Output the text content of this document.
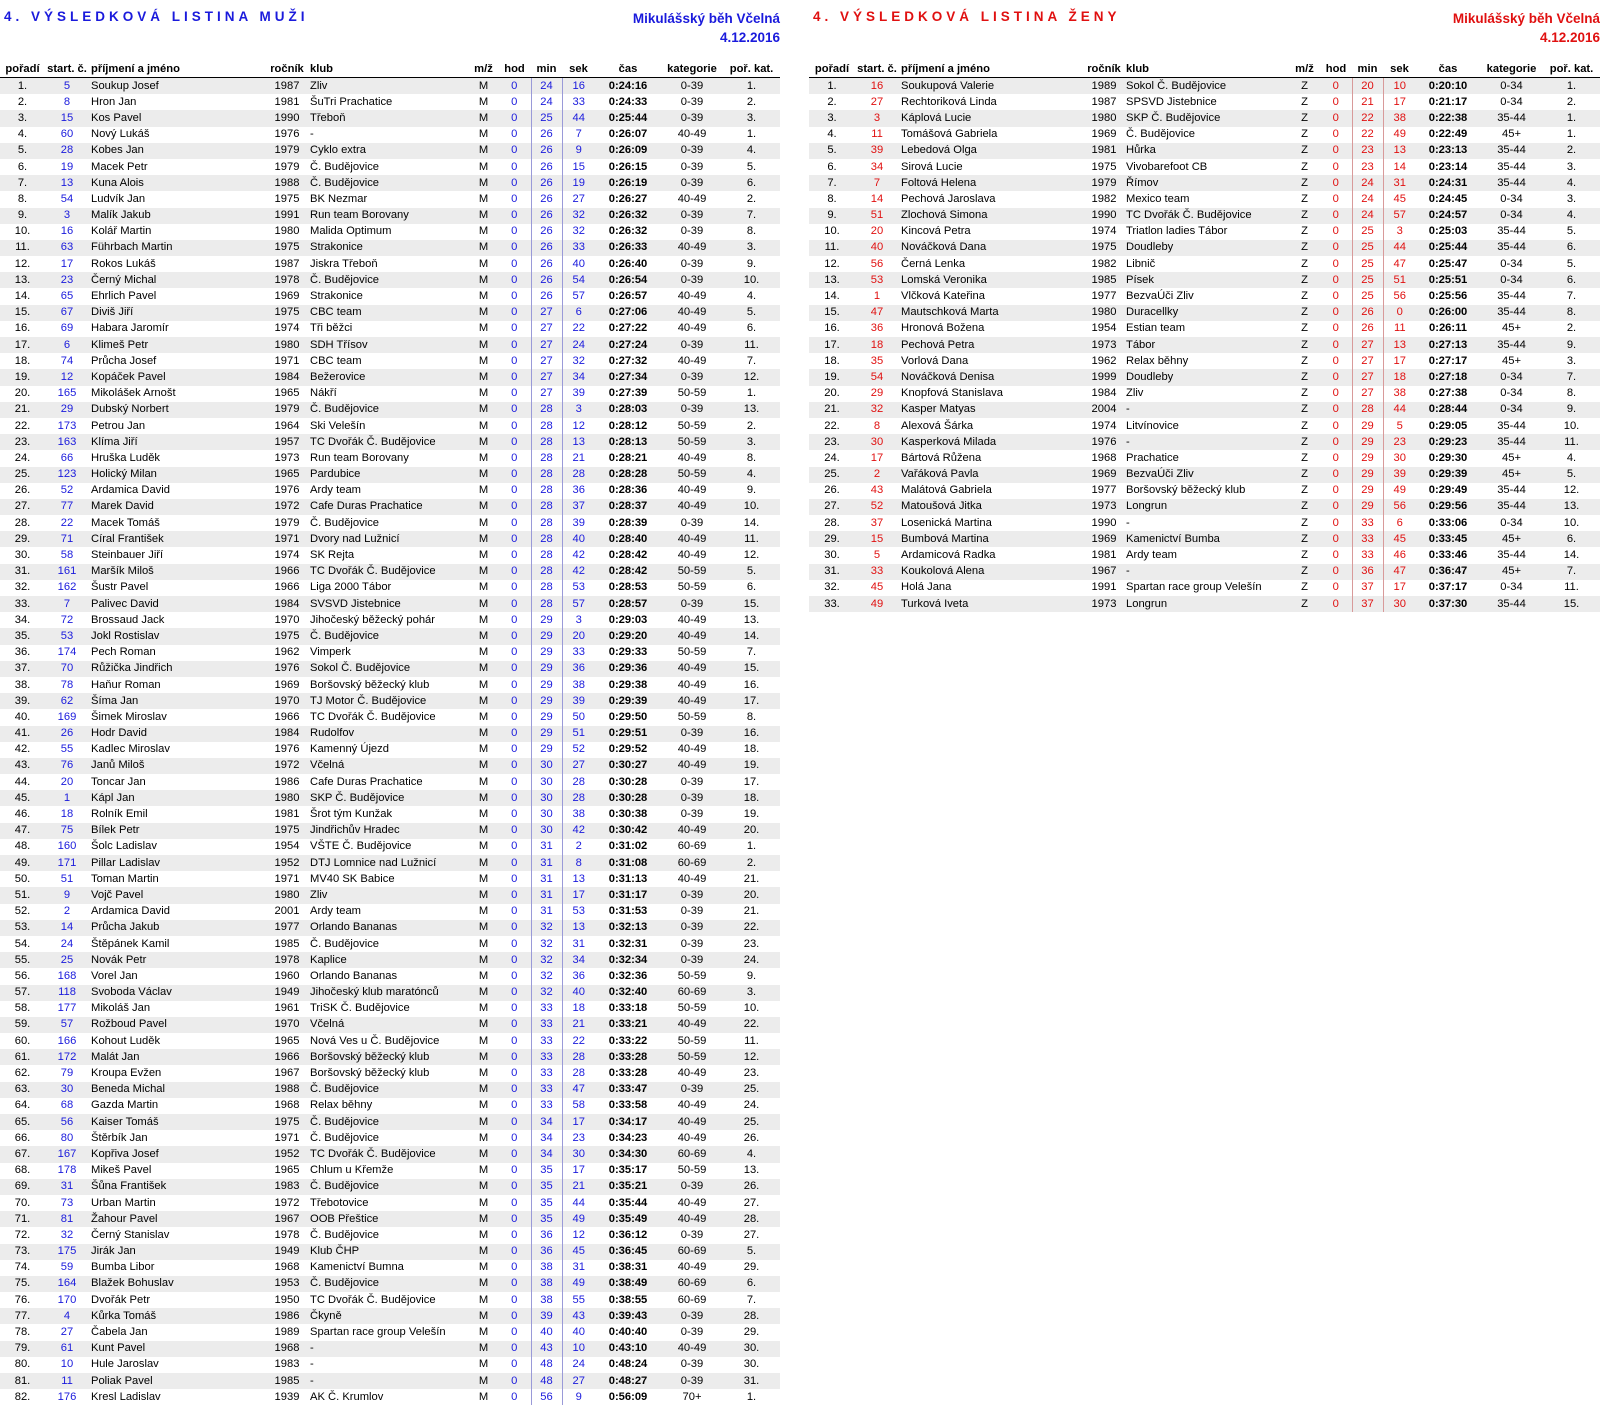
4. VÝSLEDKOVÁ LISTINA MUŽI	Mikulášský běh Včelná
4.12.2016
pořadí	start. č.	příjmení a jméno	ročník	klub	m/ž	hod	min	sek	čas	kategorie	poř. kat.
1.	5	Soukup Josef	1987	Zliv	M	0	24	16	0:24:16	0-39	1.
2.	8	Hron Jan	1981	ŠuTri Prachatice	M	0	24	33	0:24:33	0-39	2.
3.	15	Kos Pavel	1990	Třeboň	M	0	25	44	0:25:44	0-39	3.
4.	60	Nový Lukáš	1976	-	M	0	26	7	0:26:07	40-49	1.
5.	28	Kobes Jan	1979	Cyklo extra	M	0	26	9	0:26:09	0-39	4.
6.	19	Macek Petr	1979	Č. Budějovice	M	0	26	15	0:26:15	0-39	5.
7.	13	Kuna Alois	1988	Č. Budějovice	M	0	26	19	0:26:19	0-39	6.
8.	54	Ludvík Jan	1975	BK Nezmar	M	0	26	27	0:26:27	40-49	2.
9.	3	Malík Jakub	1991	Run team Borovany	M	0	26	32	0:26:32	0-39	7.
10.	16	Kolář Martin	1980	Malida Optimum	M	0	26	32	0:26:32	0-39	8.
11.	63	Führbach Martin	1975	Strakonice	M	0	26	33	0:26:33	40-49	3.
12.	17	Rokos Lukáš	1987	Jiskra Třeboň	M	0	26	40	0:26:40	0-39	9.
13.	23	Černý Michal	1978	Č. Budějovice	M	0	26	54	0:26:54	0-39	10.
14.	65	Ehrlich Pavel	1969	Strakonice	M	0	26	57	0:26:57	40-49	4.
15.	67	Diviš Jiří	1975	CBC team	M	0	27	6	0:27:06	40-49	5.
16.	69	Habara Jaromír	1974	Tři běžci	M	0	27	22	0:27:22	40-49	6.
17.	6	Klimeš Petr	1980	SDH Třísov	M	0	27	24	0:27:24	0-39	11.
18.	74	Průcha Josef	1971	CBC team	M	0	27	32	0:27:32	40-49	7.
19.	12	Kopáček Pavel	1984	Bežerovice	M	0	27	34	0:27:34	0-39	12.
20.	165	Mikolášek Arnošt	1965	Nákří	M	0	27	39	0:27:39	50-59	1.
21.	29	Dubský Norbert	1979	Č. Budějovice	M	0	28	3	0:28:03	0-39	13.
22.	173	Petrou Jan	1964	Ski Velešín	M	0	28	12	0:28:12	50-59	2.
23.	163	Klíma Jiří	1957	TC Dvořák Č. Budějovice	M	0	28	13	0:28:13	50-59	3.
24.	66	Hruška Luděk	1973	Run team Borovany	M	0	28	21	0:28:21	40-49	8.
25.	123	Holický Milan	1965	Pardubice	M	0	28	28	0:28:28	50-59	4.
26.	52	Ardamica David	1976	Ardy team	M	0	28	36	0:28:36	40-49	9.
27.	77	Marek David	1972	Cafe Duras Prachatice	M	0	28	37	0:28:37	40-49	10.
28.	22	Macek Tomáš	1979	Č. Budějovice	M	0	28	39	0:28:39	0-39	14.
29.	71	Círal František	1971	Dvory nad Lužnicí	M	0	28	40	0:28:40	40-49	11.
30.	58	Steinbauer Jiří	1974	SK Rejta	M	0	28	42	0:28:42	40-49	12.
31.	161	Maršík Miloš	1966	TC Dvořák Č. Budějovice	M	0	28	42	0:28:42	50-59	5.
32.	162	Šustr Pavel	1966	Liga 2000 Tábor	M	0	28	53	0:28:53	50-59	6.
33.	7	Palivec David	1984	SVSVD Jistebnice	M	0	28	57	0:28:57	0-39	15.
34.	72	Brossaud Jack	1970	Jihočeský běžecký pohár	M	0	29	3	0:29:03	40-49	13.
35.	53	Jokl Rostislav	1975	Č. Budějovice	M	0	29	20	0:29:20	40-49	14.
36.	174	Pech Roman	1962	Vimperk	M	0	29	33	0:29:33	50-59	7.
37.	70	Růžička Jindřich	1976	Sokol Č. Budějovice	M	0	29	36	0:29:36	40-49	15.
38.	78	Haňur Roman	1969	Boršovský běžecký klub	M	0	29	38	0:29:38	40-49	16.
39.	62	Šíma Jan	1970	TJ Motor Č. Budějovice	M	0	29	39	0:29:39	40-49	17.
40.	169	Šimek Miroslav	1966	TC Dvořák Č. Budějovice	M	0	29	50	0:29:50	50-59	8.
41.	26	Hodr David	1984	Rudolfov	M	0	29	51	0:29:51	0-39	16.
42.	55	Kadlec Miroslav	1976	Kamenný Újezd	M	0	29	52	0:29:52	40-49	18.
43.	76	Janů Miloš	1972	Včelná	M	0	30	27	0:30:27	40-49	19.
44.	20	Toncar Jan	1986	Cafe Duras Prachatice	M	0	30	28	0:30:28	0-39	17.
45.	1	Kápl Jan	1980	SKP Č. Budějovice	M	0	30	28	0:30:28	0-39	18.
46.	18	Rolník Emil	1981	Šrot tým Kunžak	M	0	30	38	0:30:38	0-39	19.
47.	75	Bílek Petr	1975	Jindřichův Hradec	M	0	30	42	0:30:42	40-49	20.
48.	160	Šolc Ladislav	1954	VŠTE Č. Budějovice	M	0	31	2	0:31:02	60-69	1.
49.	171	Pillar Ladislav	1952	DTJ Lomnice nad Lužnicí	M	0	31	8	0:31:08	60-69	2.
50.	51	Toman Martin	1971	MV40 SK Babice	M	0	31	13	0:31:13	40-49	21.
51.	9	Vojč Pavel	1980	Zliv	M	0	31	17	0:31:17	0-39	20.
52.	2	Ardamica David	2001	Ardy team	M	0	31	53	0:31:53	0-39	21.
53.	14	Průcha Jakub	1977	Orlando Bananas	M	0	32	13	0:32:13	0-39	22.
54.	24	Štěpánek Kamil	1985	Č. Budějovice	M	0	32	31	0:32:31	0-39	23.
55.	25	Novák Petr	1978	Kaplice	M	0	32	34	0:32:34	0-39	24.
56.	168	Vorel Jan	1960	Orlando Bananas	M	0	32	36	0:32:36	50-59	9.
57.	118	Svoboda Václav	1949	Jihočeský klub maratónců	M	0	32	40	0:32:40	60-69	3.
58.	177	Mikoláš Jan	1961	TriSK Č. Budějovice	M	0	33	18	0:33:18	50-59	10.
59.	57	Rožboud Pavel	1970	Včelná	M	0	33	21	0:33:21	40-49	22.
60.	166	Kohout Luděk	1965	Nová Ves u Č. Budějovice	M	0	33	22	0:33:22	50-59	11.
61.	172	Malát Jan	1966	Boršovský běžecký klub	M	0	33	28	0:33:28	50-59	12.
62.	79	Kroupa Evžen	1967	Boršovský běžecký klub	M	0	33	28	0:33:28	40-49	23.
63.	30	Beneda Michal	1988	Č. Budějovice	M	0	33	47	0:33:47	0-39	25.
64.	68	Gazda Martin	1968	Relax běhny	M	0	33	58	0:33:58	40-49	24.
65.	56	Kaiser Tomáš	1975	Č. Budějovice	M	0	34	17	0:34:17	40-49	25.
66.	80	Štěrbík Jan	1971	Č. Budějovice	M	0	34	23	0:34:23	40-49	26.
67.	167	Kopřiva Josef	1952	TC Dvořák Č. Budějovice	M	0	34	30	0:34:30	60-69	4.
68.	178	Mikeš Pavel	1965	Chlum u Křemže	M	0	35	17	0:35:17	50-59	13.
69.	31	Šůna František	1983	Č. Budějovice	M	0	35	21	0:35:21	0-39	26.
70.	73	Urban Martin	1972	Třebotovice	M	0	35	44	0:35:44	40-49	27.
71.	81	Žahour Pavel	1967	OOB Přeštice	M	0	35	49	0:35:49	40-49	28.
72.	32	Černý Stanislav	1978	Č. Budějovice	M	0	36	12	0:36:12	0-39	27.
73.	175	Jirák Jan	1949	Klub ČHP	M	0	36	45	0:36:45	60-69	5.
74.	59	Bumba Libor	1968	Kamenictví Bumna	M	0	38	31	0:38:31	40-49	29.
75.	164	Blažek Bohuslav	1953	Č. Budějovice	M	0	38	49	0:38:49	60-69	6.
76.	170	Dvořák Petr	1950	TC Dvořák Č. Budějovice	M	0	38	55	0:38:55	60-69	7.
77.	4	Kůrka Tomáš	1986	Čkyně	M	0	39	43	0:39:43	0-39	28.
78.	27	Čabela Jan	1989	Spartan race group Velešín	M	0	40	40	0:40:40	0-39	29.
79.	61	Kunt Pavel	1968	-	M	0	43	10	0:43:10	40-49	30.
80.	10	Hule Jaroslav	1983	-	M	0	48	24	0:48:24	0-39	30.
81.	11	Poliak Pavel	1985	-	M	0	48	27	0:48:27	0-39	31.
82.	176	Kresl Ladislav	1939	AK Č. Krumlov	M	0	56	9	0:56:09	70+	1.
4. VÝSLEDKOVÁ LISTINA ŽENY	Mikulášský běh Včelná
4.12.2016
pořadí	start. č.	příjmení a jméno	ročník	klub	m/ž	hod	min	sek	čas	kategorie	poř. kat.
1.	16	Soukupová Valerie	1989	Sokol Č. Budějovice	Z	0	20	10	0:20:10	0-34	1.
2.	27	Rechtoriková Linda	1987	SPSVD Jistebnice	Z	0	21	17	0:21:17	0-34	2.
3.	3	Káplová Lucie	1980	SKP Č. Budějovice	Z	0	22	38	0:22:38	35-44	1.
4.	11	Tomášová Gabriela	1969	Č. Budějovice	Z	0	22	49	0:22:49	45+	1.
5.	39	Lebedová Olga	1981	Hůrka	Z	0	23	13	0:23:13	35-44	2.
6.	34	Sirová Lucie	1975	Vivobarefoot CB	Z	0	23	14	0:23:14	35-44	3.
7.	7	Foltová Helena	1979	Římov	Z	0	24	31	0:24:31	35-44	4.
8.	14	Pechová Jaroslava	1982	Mexico team	Z	0	24	45	0:24:45	0-34	3.
9.	51	Zlochová Simona	1990	TC Dvořák Č. Budějovice	Z	0	24	57	0:24:57	0-34	4.
10.	20	Kincová Petra	1974	Triatlon ladies Tábor	Z	0	25	3	0:25:03	35-44	5.
11.	40	Nováčková Dana	1975	Doudleby	Z	0	25	44	0:25:44	35-44	6.
12.	56	Černá Lenka	1982	Libnič	Z	0	25	47	0:25:47	0-34	5.
13.	53	Lomská Veronika	1985	Písek	Z	0	25	51	0:25:51	0-34	6.
14.	1	Vlčková Kateřina	1977	BezvaÚči Zliv	Z	0	25	56	0:25:56	35-44	7.
15.	47	Mautschková Marta	1980	Duracellky	Z	0	26	0	0:26:00	35-44	8.
16.	36	Hronová Božena	1954	Estian team	Z	0	26	11	0:26:11	45+	2.
17.	18	Pechová Petra	1973	Tábor	Z	0	27	13	0:27:13	35-44	9.
18.	35	Vorlová Dana	1962	Relax běhny	Z	0	27	17	0:27:17	45+	3.
19.	54	Nováčková Denisa	1999	Doudleby	Z	0	27	18	0:27:18	0-34	7.
20.	29	Knopfová Stanislava	1984	Zliv	Z	0	27	38	0:27:38	0-34	8.
21.	32	Kasper Matyas	2004	-	Z	0	28	44	0:28:44	0-34	9.
22.	8	Alexová Šárka	1974	Litvínovice	Z	0	29	5	0:29:05	35-44	10.
23.	30	Kasperková Milada	1976	-	Z	0	29	23	0:29:23	35-44	11.
24.	17	Bártová Růžena	1968	Prachatice	Z	0	29	30	0:29:30	45+	4.
25.	2	Vařáková Pavla	1969	BezvaÚči Zliv	Z	0	29	39	0:29:39	45+	5.
26.	43	Malátová Gabriela	1977	Boršovský běžecký klub	Z	0	29	49	0:29:49	35-44	12.
27.	52	Matoušová Jitka	1973	Longrun	Z	0	29	56	0:29:56	35-44	13.
28.	37	Losenická Martina	1990	-	Z	0	33	6	0:33:06	0-34	10.
29.	15	Bumbová Martina	1969	Kamenictví Bumba	Z	0	33	45	0:33:45	45+	6.
30.	5	Ardamicová Radka	1981	Ardy team	Z	0	33	46	0:33:46	35-44	14.
31.	33	Koukolová Alena	1967	-	Z	0	36	47	0:36:47	45+	7.
32.	45	Holá Jana	1991	Spartan race group Velešín	Z	0	37	17	0:37:17	0-34	11.
33.	49	Turková Iveta	1973	Longrun	Z	0	37	30	0:37:30	35-44	15.
